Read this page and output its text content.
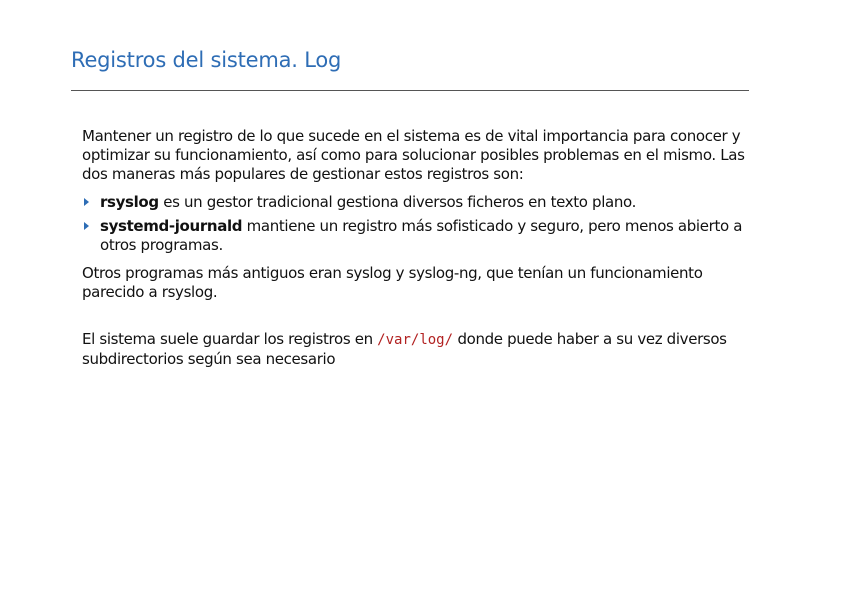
Registros del sistema. Log

Mantener un registro de lo que sucede en el sistema es de vital importancia para conocer y optimizar su funcionamiento, así como para solucionar posibles problemas en el mismo. Las dos maneras más populares de gestionar estos registros son:

rsyslog es un gestor tradicional gestiona diversos ficheros en texto plano.
systemd-journald mantiene un registro más sofisticado y seguro, pero menos abierto a otros programas.

Otros programas más antiguos eran syslog y syslog-ng, que tenían un funcionamiento parecido a rsyslog.

El sistema suele guardar los registros en /var/log/ donde puede haber a su vez diversos subdirectorios según sea necesario
